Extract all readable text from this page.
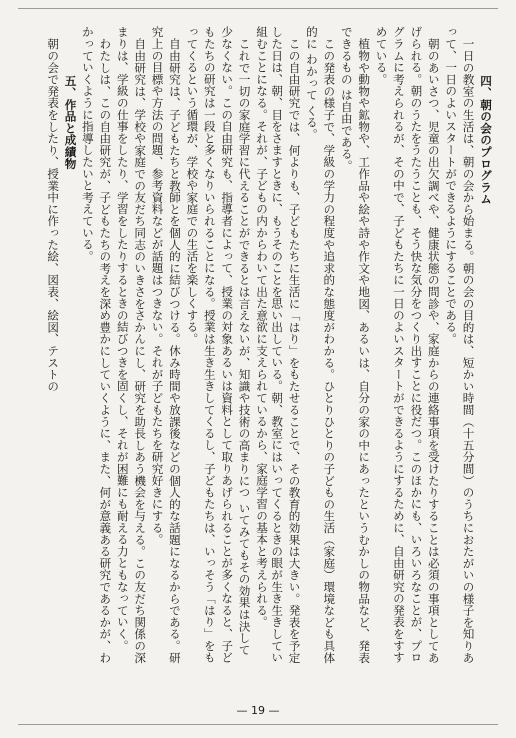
四、朝の会のプログラム

一日の教室の生活は、朝の会から始まる。朝の会の目的は、短かい時間（十五分間）のうちにおたがいの様子を知りあって、一日のよいスタートができるようにすることである。

朝のあいさつ、児童の出欠調べや、健康状態の問診や、家庭からの連絡事項を受けたりすることは必須の事項としてあげられる。朝のうたをうたうことも、そう快な気分をつくり出すことに役だつ。このほかにも、いろいろなことが、プログラムに考えられるが、その中で、子どもたちに一日のよいスタートができるようにするために、自由研究の発表をすすめている。

植物や動物や鉱物や、工作品や絵や詩や作文や地図、あるいは、自分の家の中にあったというむかしの物品など、発表できるもの は自由である。

この発表の様子で、学級の学力の程度や追求的な態度がわかる。ひとりひとりの子どもの生活（家庭）環境なども具体的に わかって くる。

この自由研究では、何よりも、子どもたちに生活に「はり」をもたせることで、その教育的効果は大きい。発表を予定した日は、朝、目をさますときに、もうそのことを思い出している。朝、教室にはいってくるときの眼が生き生きしてい

組むことになる。それが、子どもの内からわいて出た意欲に支えられているから、家庭学習の基本と考えられる。

これで一切の家庭学習に代えることができるとは言えないが、知識や技術の高まりにつ いてみてもその効果は決して少なくない。この自由研究も、指導者によって、授業の対象あるいは資料として取りあげられることが多くなると、子どもたちの研究は一段と多くなりいられることになる。授業は生き生きしてくるし、子どもたちは、いっそう「はり」をもってくるという循環が、学校や家庭での生活を楽しくする。

自由研究は、子どもたちと教師とを個人的に結びつける。休み時間や放課後などの個人的な話題になるからである。研究上の目標や方法の問題、参考資料などが話題はつきない。それが子どもたちを研究好きにする。

自由研究は、学校や家庭での友だち同志のいきさをさかんにし、研究を助長しあう機会を与える。この友だち関係の深まりは、学級の仕事をしたり、学習をしたりするときの結びつきを固くし、それが困難にも耐える力ともなっていく。

わたしは、この自由研究が、子どもたちの考えを深め豊かにしていくように、また、何が意義ある研究であるかが、わかっていくように指導したいと考えている。

五、作品と成績物

朝の会で発表をしたり、授業中に作った絵、図表、絵図、テストの

— 19 —
